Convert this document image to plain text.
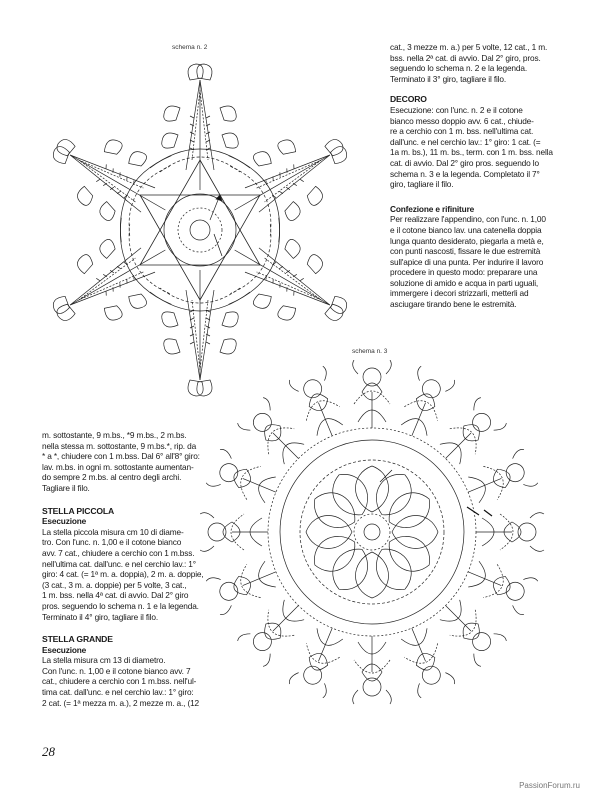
schema n. 2
schema n. 3

cat., 3 mezze m. a.) per 5 volte, 12 cat., 1 m.

bss. nella 2ª cat. di avvio. Dal 2° giro, pros.

seguendo lo schema n. 2 e la legenda.

Terminato il 3° giro, tagliare il filo.

DECORO

Esecuzione: con l'unc. n. 2 e il cotone

bianco messo doppio avv. 6 cat., chiude-

re a cerchio con 1 m. bss. nell'ultima cat.

dall'unc. e nel cerchio lav.: 1° giro: 1 cat. (=

1a m. bs.), 11 m. bs., term. con 1 m. bss. nella

cat. di avvio. Dal 2° giro pros. seguendo lo

schema n. 3 e la legenda. Completato il 7°

giro, tagliare il filo.

Confezione e rifiniture

Per realizzare l'appendino, con l'unc. n. 1,00

e il cotone bianco lav. una catenella doppia

lunga quanto desiderato, piegarla a metà e,

con punti nascosti, fissare le due estremità

sull'apice di una punta. Per indurire il lavoro

procedere in questo modo: preparare una

soluzione di amido e acqua in parti uguali,

immergere i decori strizzarli, metterli ad

asciugare tirando bene le estremità.

m. sottostante, 9 m.bs., *9 m.bs., 2 m.bs.

nella stessa m. sottostante, 9 m.bs.*, rip. da

* a *, chiudere con 1 m.bss. Dal 6° all'8° giro:

lav. m.bs. in ogni m. sottostante aumentan-

do sempre 2 m.bs. al centro degli archi.

Tagliare il filo.

STELLA PICCOLA

Esecuzione

La stella piccola misura cm 10 di diame-

tro. Con l'unc. n. 1,00 e il cotone bianco

avv. 7 cat., chiudere a cerchio con 1 m.bss.

nell'ultima cat. dall'unc. e nel cerchio lav.: 1°

giro: 4 cat. (= 1ª m. a. doppia), 2 m. a. doppie,

(3 cat., 3 m. a. doppie) per 5 volte, 3 cat.,

1 m. bss. nella 4ª cat. di avvio. Dal 2° giro

pros. seguendo lo schema n. 1 e la legenda.

Terminato il 4° giro, tagliare il filo.

STELLA GRANDE

Esecuzione

La stella misura cm 13 di diametro.

Con l'unc. n. 1,00 e il cotone bianco avv. 7

cat., chiudere a cerchio con 1 m.bss. nell'ul-

tima cat. dall'unc. e nel cerchio lav.: 1° giro:

2 cat. (= 1ª mezza m. a.), 2 mezze m. a., (12

28
PassionForum.ru
